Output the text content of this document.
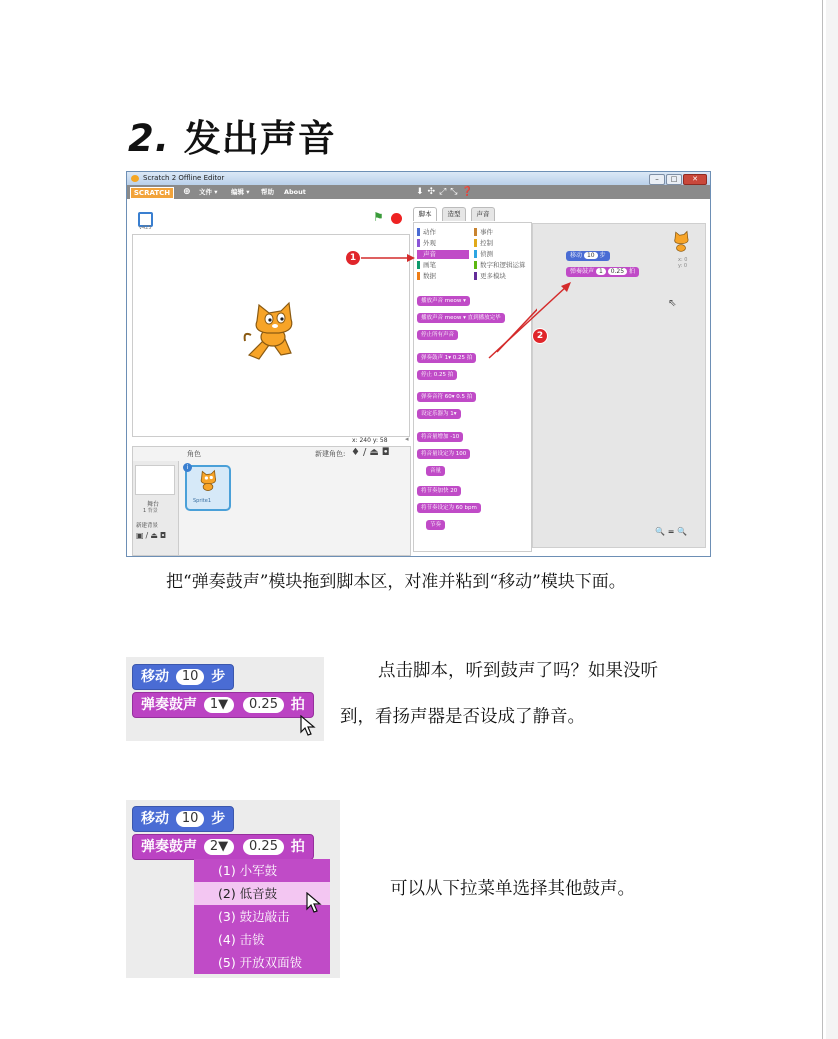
2. 发出声音
Scratch 2 Offline Editor	–	□	✕
SCRATCH	⊕ 文件 ▾ 编辑 ▾ 帮助 About	⬇✣⤢⤡❓
v425
⚑
x: 240 y: 58 ◂
角色	新建角色: ♦/⏏◘
舞台
1 背景
新建背景
▣/⏏◘
i
Sprite1
脚本	造型	声音
动作
外观
声音
画笔
数据
事件
控制
侦测
数字和逻辑运算
更多模块
播放声音 meow ▾
播放声音 meow ▾ 直到播放完毕
停止所有声音
弹奏鼓声 1▾ 0.25 拍
停止 0.25 拍
弹奏音符 60▾ 0.5 拍
设定乐器为 1▾
将音量增加 -10
将音量设定为 100
音量
将节奏加快 20
将节奏设定为 60 bpm
节奏
移动 10 步
弹奏鼓声 1 0.25 拍
x: 0
y: 0
⇖
🔍 = 🔍
1
2
把“弹奏鼓声”模块拖到脚本区，对准并粘到“移动”模块下面。
移动 10 步
弹奏鼓声 1▼ 0.25 拍
点击脚本，听到鼓声了吗？如果没听
到，看扬声器是否设成了静音。
移动 10 步
弹奏鼓声 2▼ 0.25 拍
(1) 小军鼓
(2) 低音鼓
(3) 鼓边敲击
(4) 击钹
(5) 开放双面钹
可以从下拉菜单选择其他鼓声。
